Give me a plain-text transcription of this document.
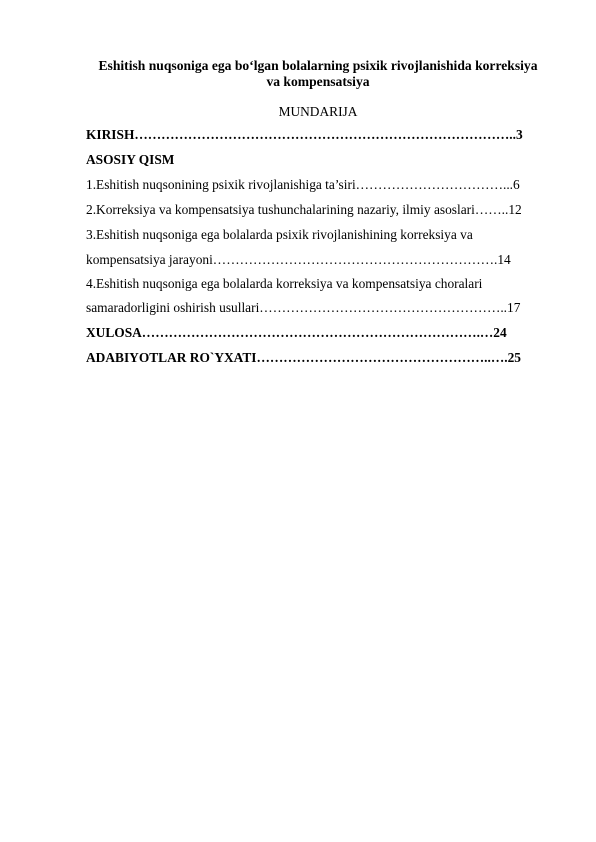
Eshitish nuqsoniga ega bo‘lgan bolalarning psixik rivojlanishida korreksiya
va kompensatsiya
MUNDARIJA
KIRISH…………………………………………………………………………..3
ASOSIY QISM
1.Eshitish nuqsonining psixik rivojlanishiga ta’siri……………………………...6
2.Korreksiya va kompensatsiya tushunchalarining nazariy, ilmiy asoslari……..12
3.Eshitish nuqsoniga ega bolalarda psixik rivojlanishining korreksiya va
kompensatsiya jarayoni……………………………………………………….14
4.Eshitish nuqsoniga ega bolalarda korreksiya va kompensatsiya choralari
samaradorligini oshirish usullari………………………………………………..17
XULOSA………………………………………………………………….…24
ADABIYOTLAR RO`YXATI……………………………………………..….25
